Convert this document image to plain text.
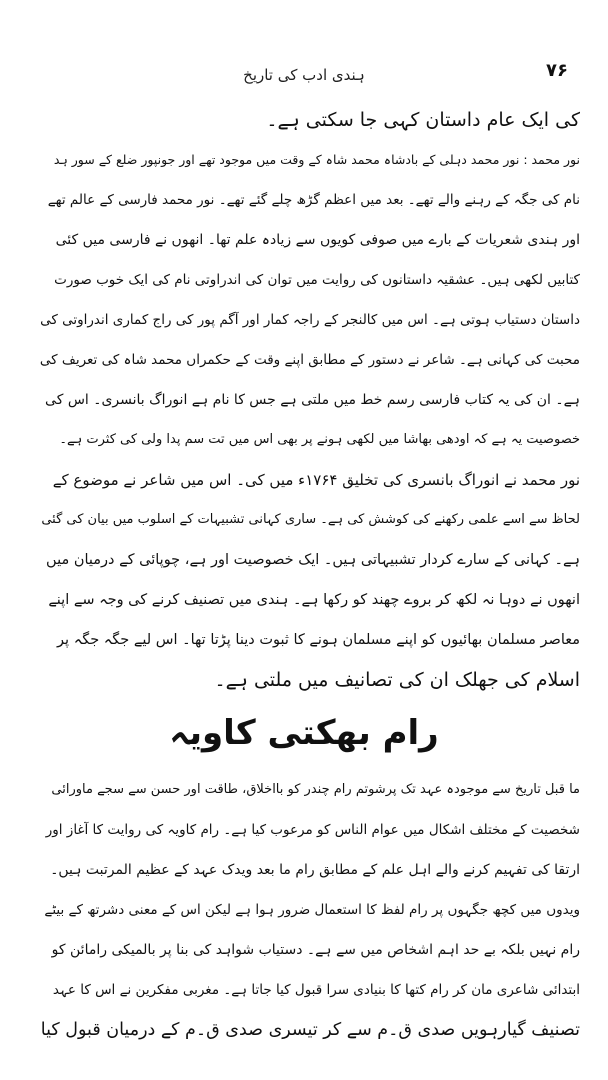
۷۶
ہندی ادب کی تاریخ
کی ایک عام داستان کہی جا سکتی ہے۔
نور محمد : نور محمد دہلی کے بادشاہ محمد شاہ کے وقت میں موجود تھے اور جونپور ضلع کے سور ہد
نام کی جگہ کے رہنے والے تھے۔ بعد میں اعظم گڑھ چلے گئے تھے۔ نور محمد فارسی کے عالم تھے
اور ہندی شعریات کے بارے میں صوفی کویوں سے زیادہ علم تھا۔ انھوں نے فارسی میں کئی
کتابیں لکھی ہیں۔ عشقیہ داستانوں کی روایت میں توان کی اندراوتی نام کی ایک خوب صورت
داستان دستیاب ہوتی ہے۔ اس میں کالنجر کے راجہ کمار اور آگم پور کی راج کماری اندراوتی کی
محبت کی کہانی ہے۔ شاعر نے دستور کے مطابق اپنے وقت کے حکمراں محمد شاہ کی تعریف کی
ہے۔ ان کی یہ کتاب فارسی رسم خط میں ملتی ہے جس کا نام ہے انوراگ بانسری۔ اس کی
خصوصیت یہ ہے کہ اودھی بھاشا میں لکھی ہونے پر بھی اس میں تت سم پدا ولی کی کثرت ہے۔
نور محمد نے انوراگ بانسری کی تخلیق ۱۷۶۴ء میں کی۔ اس میں شاعر نے موضوع کے
لحاظ سے اسے علمی رکھنے کی کوشش کی ہے۔ ساری کہانی تشبیہات کے اسلوب میں بیان کی گئی
ہے۔ کہانی کے سارے کردار تشبیہاتی ہیں۔ ایک خصوصیت اور ہے، چوپائی کے درمیان میں
انھوں نے دوہا نہ لکھ کر بروے چھند کو رکھا ہے۔ ہندی میں تصنیف کرنے کی وجہ سے اپنے
معاصر مسلمان بھائیوں کو اپنے مسلمان ہونے کا ثبوت دینا پڑتا تھا۔ اس لیے جگہ جگہ پر
اسلام کی جھلک ان کی تصانیف میں ملتی ہے۔
رام بھکتی کاویہ
ما قبل تاریخ سے موجودہ عہد تک پرشوتم رام چندر کو بااخلاق، طاقت اور حسن سے سجے ماورائی
شخصیت کے مختلف اشکال میں عوام الناس کو مرعوب کیا ہے۔ رام کاویہ کی روایت کا آغاز اور
ارتقا کی تفہیم کرنے والے اہل علم کے مطابق رام ما بعد ویدک عہد کے عظیم المرتبت ہیں۔
ویدوں میں کچھ جگہوں پر رام لفظ کا استعمال ضرور ہوا ہے لیکن اس کے معنی دشرتھ کے بیٹے
رام نہیں بلکہ بے حد اہم اشخاص میں سے ہے۔ دستیاب شواہد کی بنا پر بالمیکی رامائن کو
ابتدائی شاعری مان کر رام کتھا کا بنیادی سرا قبول کیا جاتا ہے۔ مغربی مفکرین نے اس کا عہد
تصنیف گیارہویں صدی ق۔م سے کر تیسری صدی ق۔م کے درمیان قبول کیا
